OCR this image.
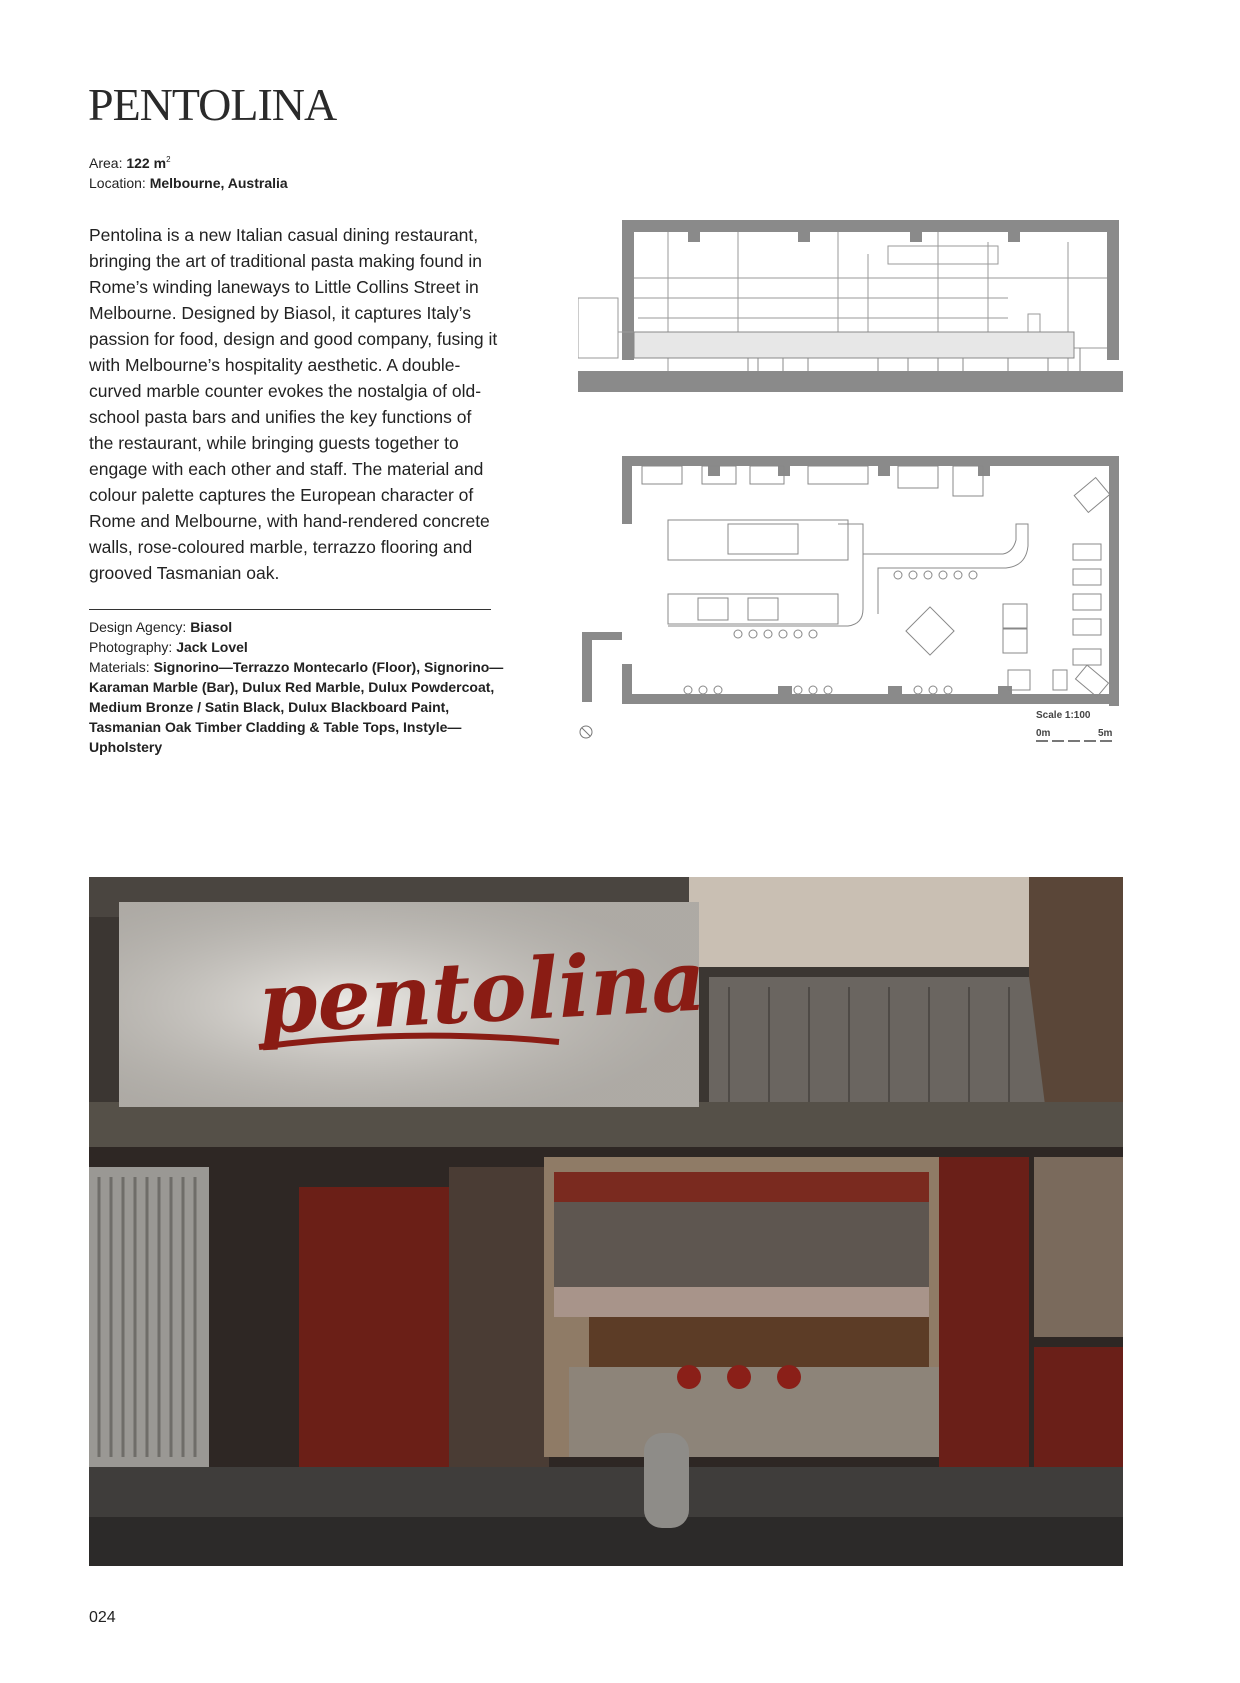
PENTOLINA
Area: 122 $m^2$
Location: Melbourne, Australia

Pentolina is a new Italian casual dining restaurant, bringing the art of traditional pasta making found in Rome’s winding laneways to Little Collins Street in Melbourne. Designed by Biasol, it captures Italy’s passion for food, design and good company, fusing it with Melbourne’s hospitality aesthetic. A double-curved marble counter evokes the nostalgia of old-school pasta bars and unifies the key functions of the restaurant, while bringing guests together to engage with each other and staff. The material and colour palette captures the European character of Rome and Melbourne, with hand-rendered concrete walls, rose-coloured marble, terrazzo flooring and grooved Tasmanian oak.

Design Agency: Biasol
Photography: Jack Lovel
Materials: Signorino—Terrazzo Montecarlo (Floor), Signorino—Karaman Marble (Bar), Dulux Red Marble, Dulux Powdercoat, Medium Bronze / Satin Black, Dulux Blackboard Paint, Tasmanian Oak Timber Cladding & Table Tops, Instyle—Upholstery
Scale 1:100
0m	5m
pentolina
024
